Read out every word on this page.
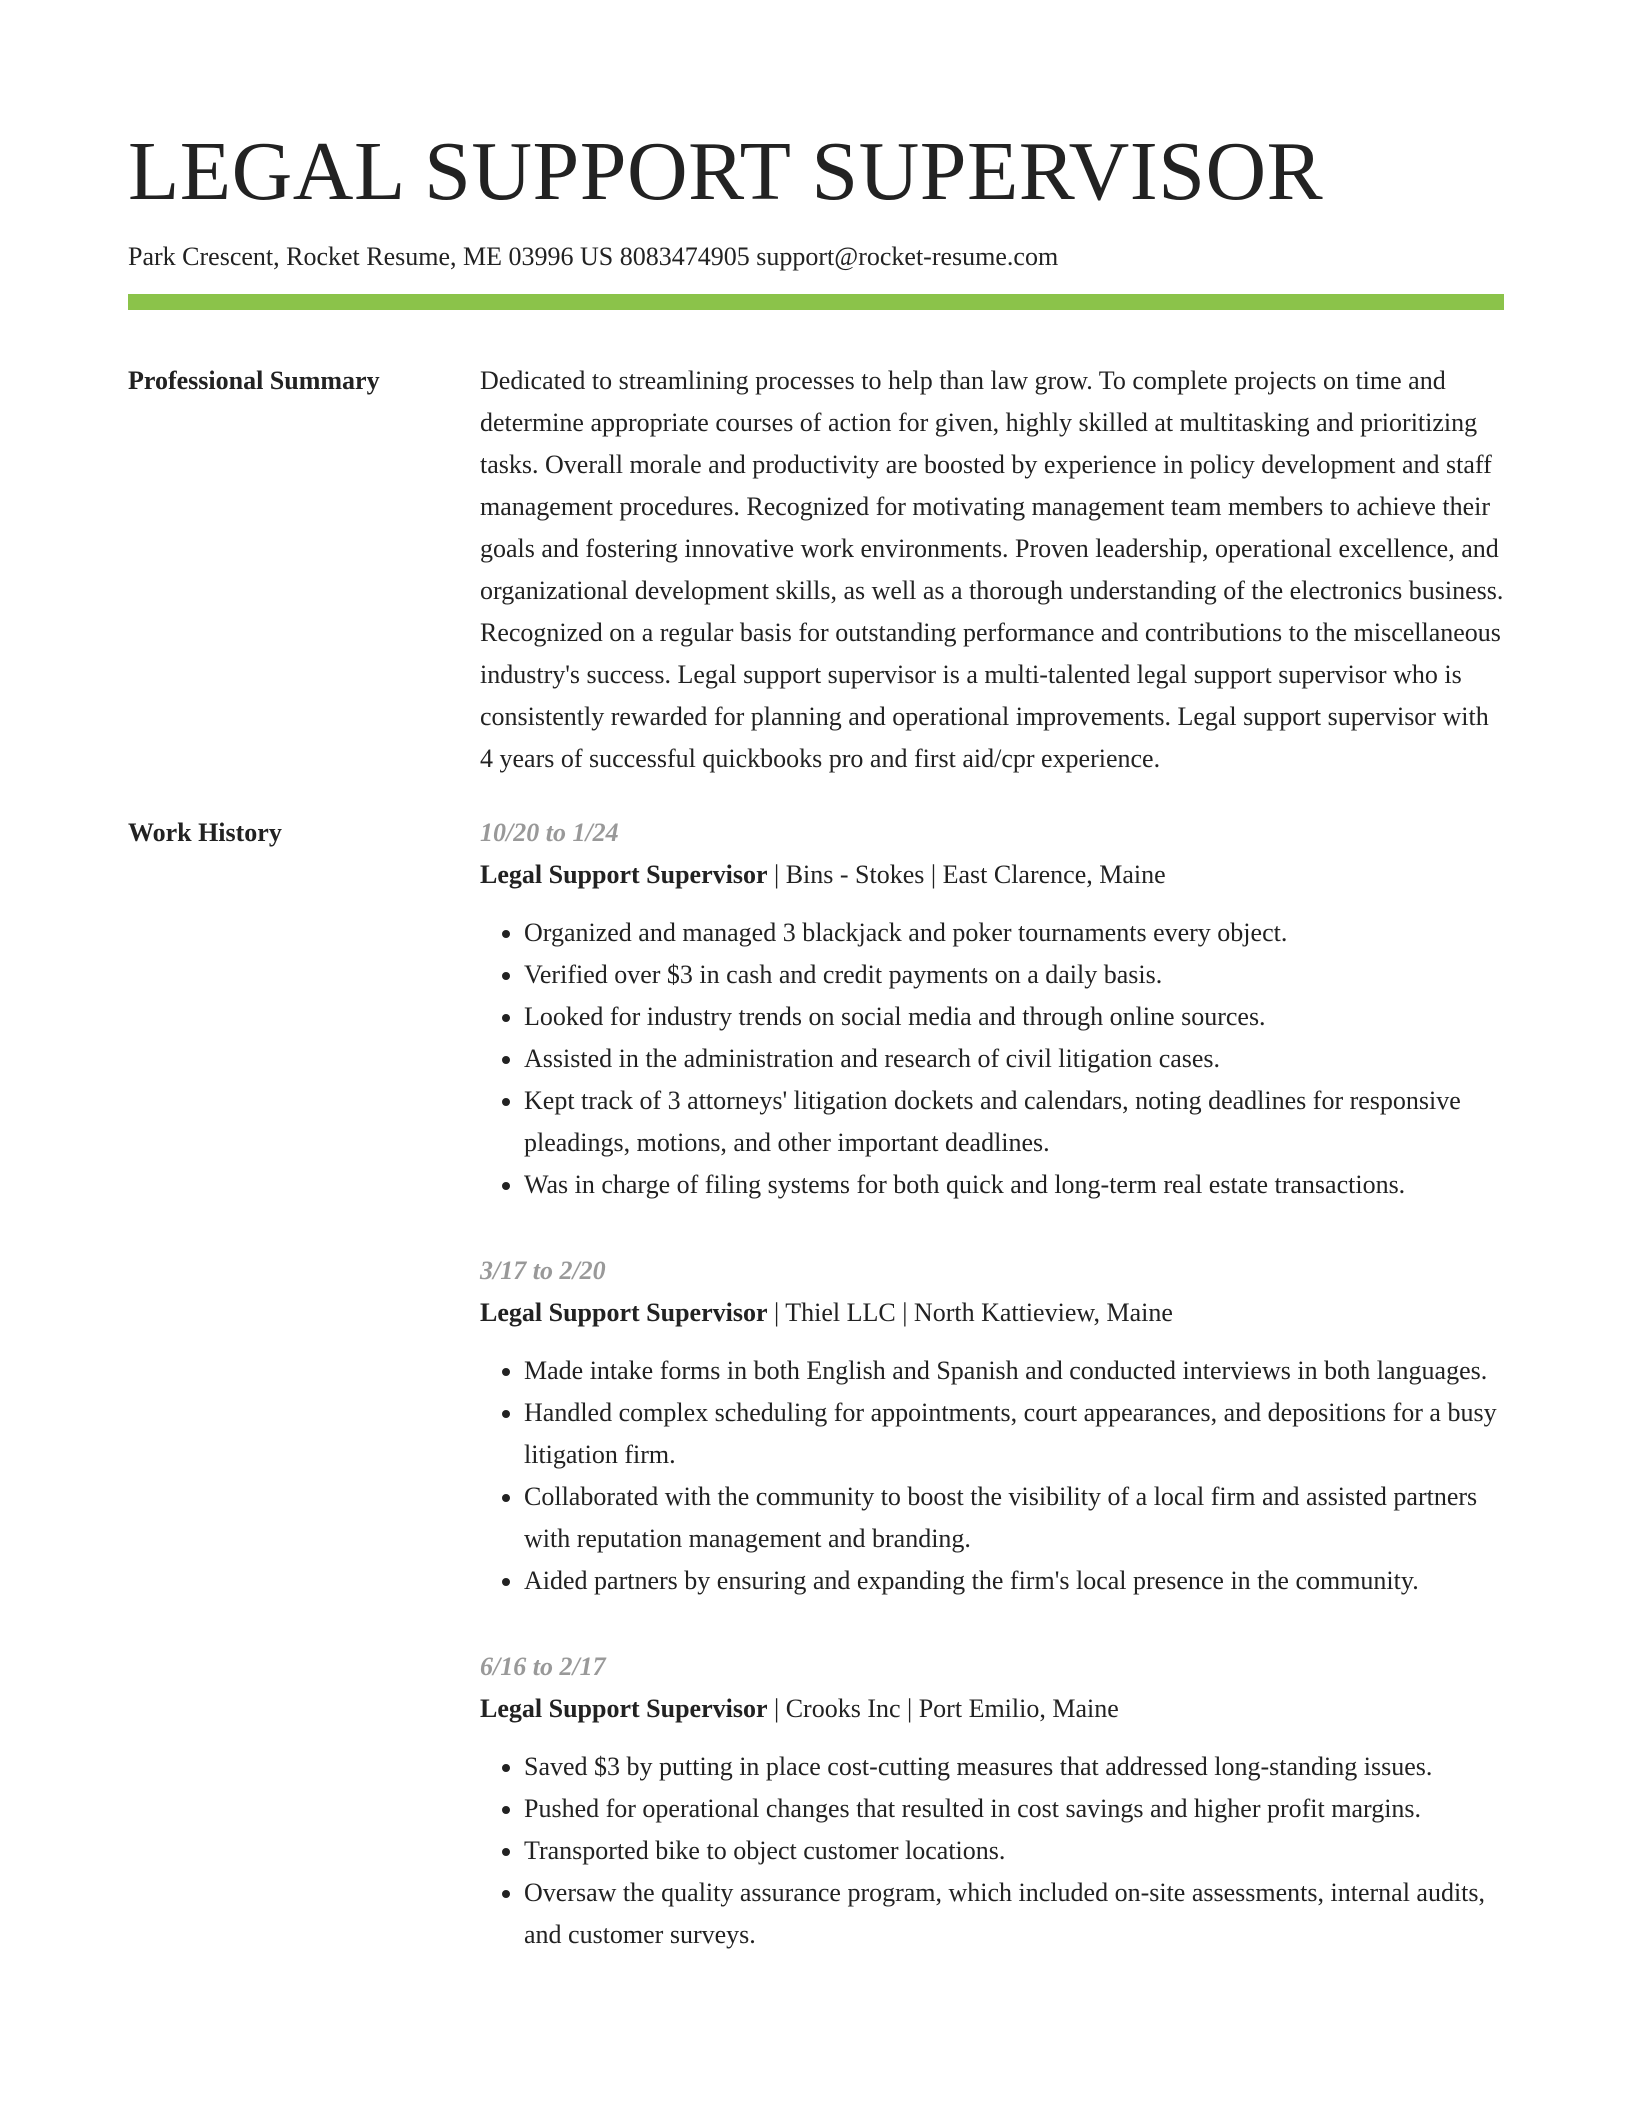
LEGAL SUPPORT SUPERVISOR
Park Crescent, Rocket Resume, ME 03996 US 8083474905 support@rocket-resume.com
Professional Summary	Dedicated to streamlining processes to help than law grow. To complete projects on time and determine appropriate courses of action for given, highly skilled at multitasking and prioritizing tasks. Overall morale and productivity are boosted by experience in policy development and staff management procedures. Recognized for motivating management team members to achieve their goals and fostering innovative work environments. Proven leadership, operational excellence, and organizational development skills, as well as a thorough understanding of the electronics business. Recognized on a regular basis for outstanding performance and contributions to the miscellaneous industry's success. Legal support supervisor is a multi-talented legal support supervisor who is consistently rewarded for planning and operational improvements. Legal support supervisor with 4 years of successful quickbooks pro and first aid/cpr experience.

Work History	10/20 to 1/24
Legal Support Supervisor | Bins - Stokes | East Clarence, Maine
• Organized and managed 3 blackjack and poker tournaments every object.
• Verified over $3 in cash and credit payments on a daily basis.
• Looked for industry trends on social media and through online sources.
• Assisted in the administration and research of civil litigation cases.
• Kept track of 3 attorneys' litigation dockets and calendars, noting deadlines for responsive pleadings, motions, and other important deadlines.
• Was in charge of filing systems for both quick and long-term real estate transactions.
3/17 to 2/20
Legal Support Supervisor | Thiel LLC | North Kattieview, Maine
• Made intake forms in both English and Spanish and conducted interviews in both languages.
• Handled complex scheduling for appointments, court appearances, and depositions for a busy litigation firm.
• Collaborated with the community to boost the visibility of a local firm and assisted partners with reputation management and branding.
• Aided partners by ensuring and expanding the firm's local presence in the community.
6/16 to 2/17
Legal Support Supervisor | Crooks Inc | Port Emilio, Maine
• Saved $3 by putting in place cost-cutting measures that addressed long-standing issues.
• Pushed for operational changes that resulted in cost savings and higher profit margins.
• Transported bike to object customer locations.
• Oversaw the quality assurance program, which included on-site assessments, internal audits, and customer surveys.
